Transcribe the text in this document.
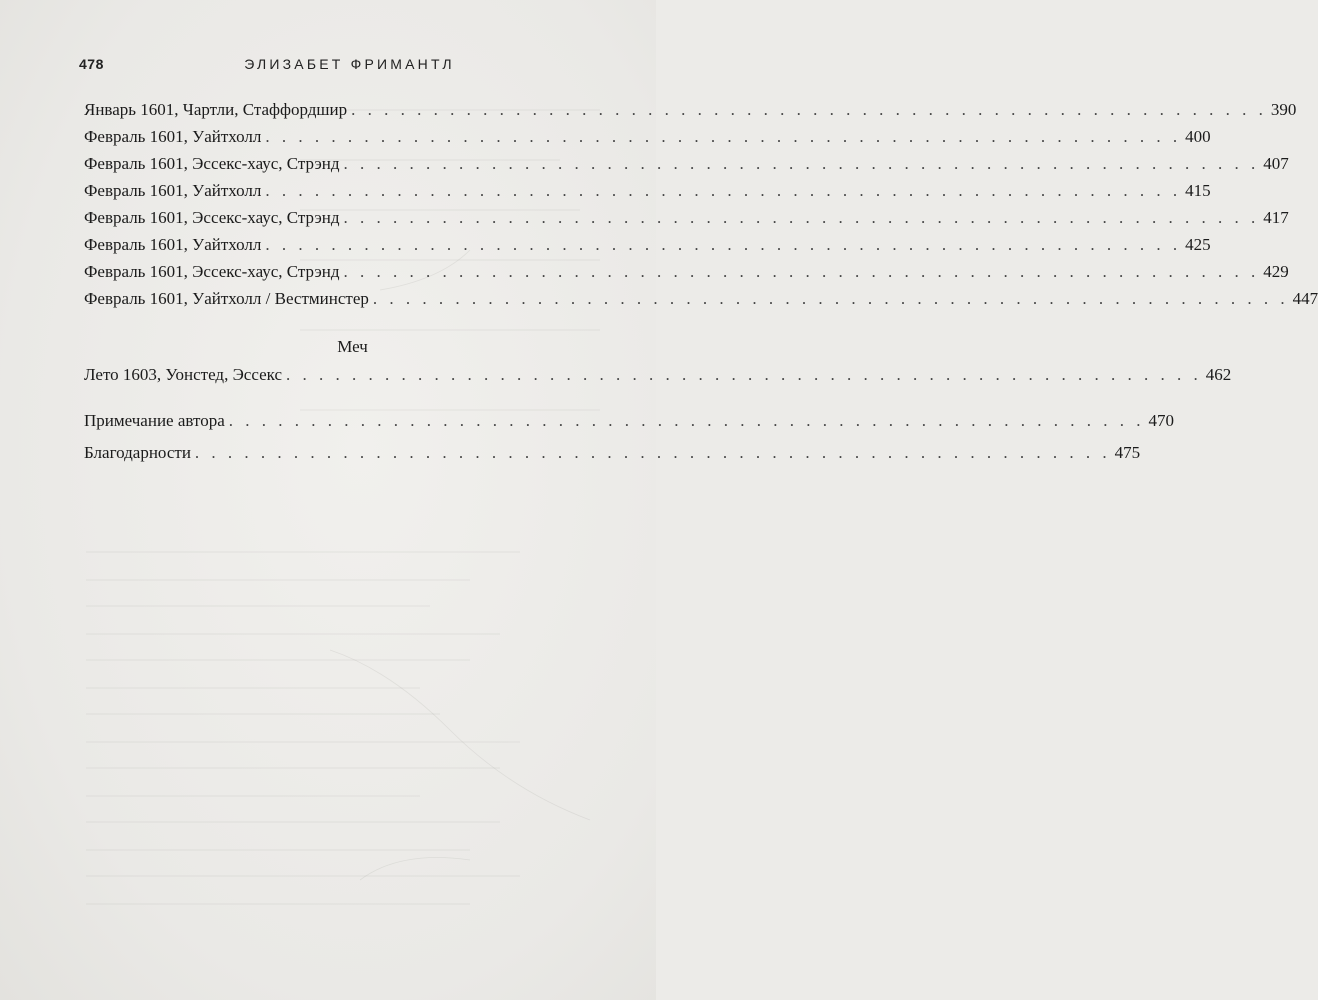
478	ЭЛИЗАБЕТ ФРИМАНТЛ
Январь 1601, Чартли, Стаффордшир . . . . . . . . . . . . . . . . . . . . . . . . . . . . . . . . . . . . . . . . . . . . . . . . . . . . . . . . 390
Февраль 1601, Уайтхолл . . . . . . . . . . . . . . . . . . . . . . . . . . . . . . . . . . . . . . . . . . . . . . . . . . . . . . . . 400
Февраль 1601, Эссекс-хаус, Стрэнд . . . . . . . . . . . . . . . . . . . . . . . . . . . . . . . . . . . . . . . . . . . . . . . . . . . . . . . . 407
Февраль 1601, Уайтхолл . . . . . . . . . . . . . . . . . . . . . . . . . . . . . . . . . . . . . . . . . . . . . . . . . . . . . . . . 415
Февраль 1601, Эссекс-хаус, Стрэнд . . . . . . . . . . . . . . . . . . . . . . . . . . . . . . . . . . . . . . . . . . . . . . . . . . . . . . . . 417
Февраль 1601, Уайтхолл . . . . . . . . . . . . . . . . . . . . . . . . . . . . . . . . . . . . . . . . . . . . . . . . . . . . . . . . 425
Февраль 1601, Эссекс-хаус, Стрэнд . . . . . . . . . . . . . . . . . . . . . . . . . . . . . . . . . . . . . . . . . . . . . . . . . . . . . . . . 429
Февраль 1601, Уайтхолл / Вестминстер . . . . . . . . . . . . . . . . . . . . . . . . . . . . . . . . . . . . . . . . . . . . . . . . . . . . . . . . 447
Меч
Лето 1603, Уонстед, Эссекс . . . . . . . . . . . . . . . . . . . . . . . . . . . . . . . . . . . . . . . . . . . . . . . . . . . . . . . . 462
Примечание автора . . . . . . . . . . . . . . . . . . . . . . . . . . . . . . . . . . . . . . . . . . . . . . . . . . . . . . . . 470
Благодарности . . . . . . . . . . . . . . . . . . . . . . . . . . . . . . . . . . . . . . . . . . . . . . . . . . . . . . . . 475
